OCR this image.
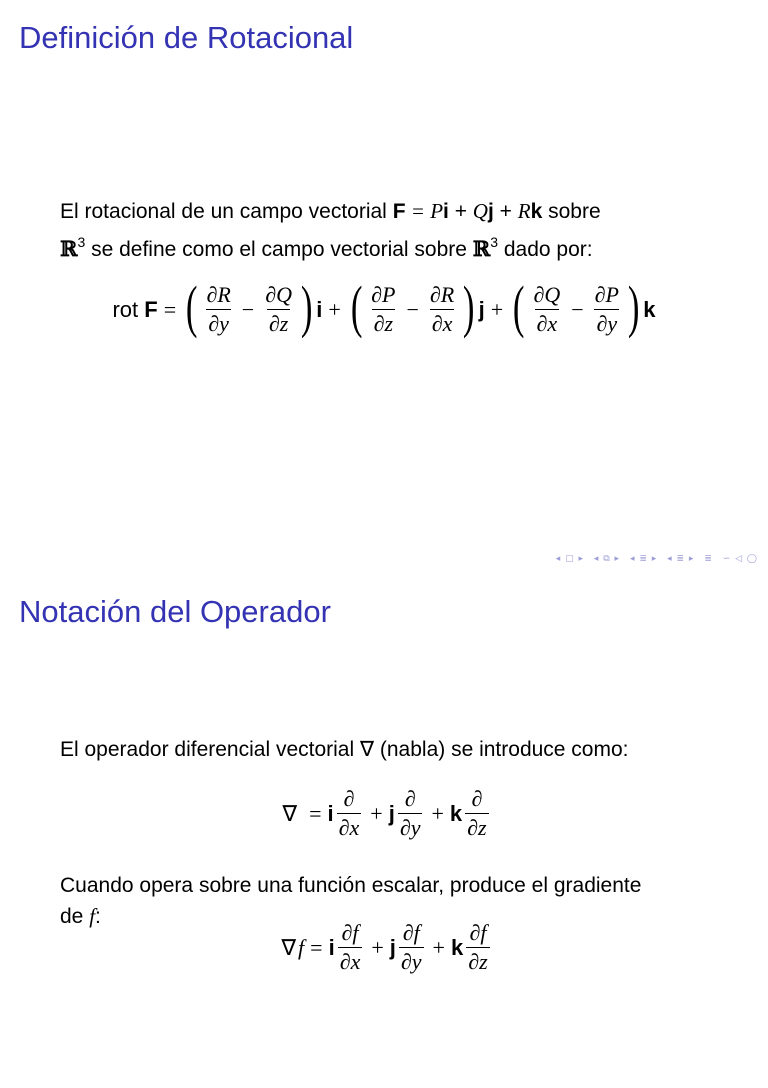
Definición de Rotacional

El rotacional de un campo vectorial F = Pi + Qj + Rk sobre
ℝ$^3$ se define como el campo vectorial sobre ℝ$^3$ dado por:

rot
F = ( $\frac{\partial R}{\partial y} - \frac{\partial Q}{\partial z}$ ) i + ( $\frac{\partial P}{\partial z} - \frac{\partial R}{\partial x}$ ) j + ( $\frac{\partial Q}{\partial x} - \frac{\partial P}{\partial y}$ ) k
◂ ▢ ▸ ◂ ⧉ ▸ ◂ ≣ ▸ ◂ ≣ ▸ ≣ ∽ ◁ ◯
Notación del Operador

El operador diferencial vectorial ∇ (nabla) se introduce como:

∇ = i $\frac{\partial}{\partial x} + j \frac{\partial}{\partial y} + k \frac{\partial}{\partial z}$

Cuando opera sobre una función escalar, produce el gradiente
de f:

∇ f = i $\frac{\partial f}{\partial x} + j \frac{\partial f}{\partial y} + k \frac{\partial f}{\partial z}$
